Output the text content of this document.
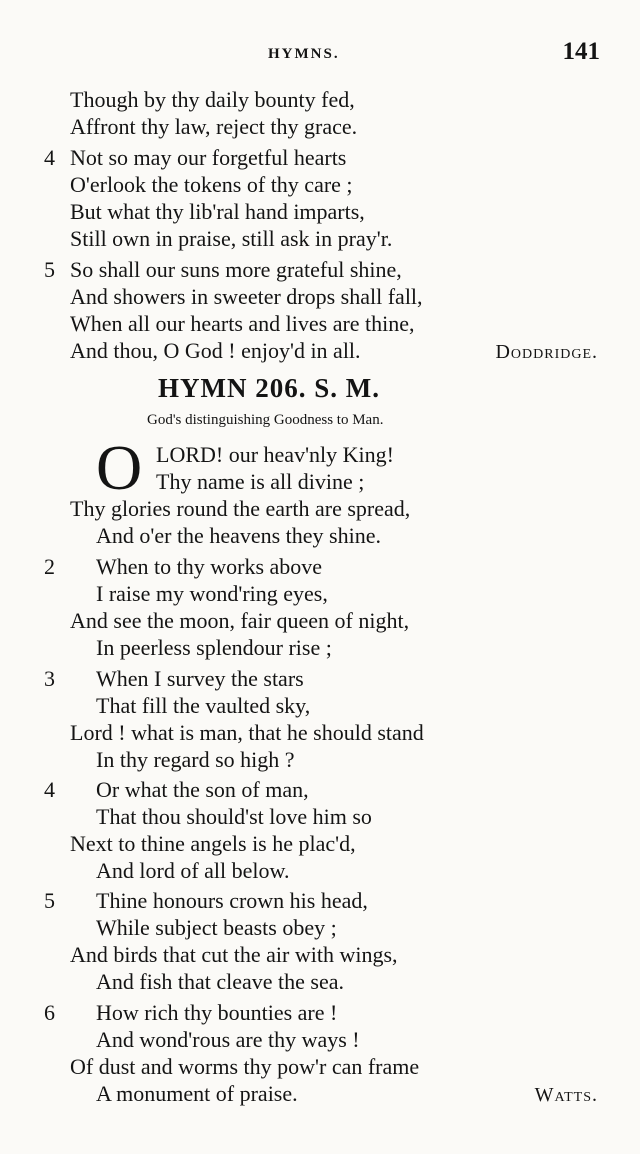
HYMNS.	141
Though by thy daily bounty fed,
Affront thy law, reject thy grace.
4 Not so may our forgetful hearts
O'erlook the tokens of thy care ;
But what thy lib'ral hand imparts,
Still own in praise, still ask in pray'r.
5 So shall our suns more grateful shine,
And showers in sweeter drops shall fall,
When all our hearts and lives are thine,
And thou, O God ! enjoy'd in all.	Doddridge.
HYMN 206. S. M.
God's distinguishing Goodness to Man.
O LORD! our heav'nly King!
Thy name is all divine ;
Thy glories round the earth are spread,
And o'er the heavens they shine.
2 When to thy works above
I raise my wond'ring eyes,
And see the moon, fair queen of night,
In peerless splendour rise ;
3 When I survey the stars
That fill the vaulted sky,
Lord ! what is man, that he should stand
In thy regard so high ?
4 Or what the son of man,
That thou should'st love him so
Next to thine angels is he plac'd,
And lord of all below.
5 Thine honours crown his head,
While subject beasts obey ;
And birds that cut the air with wings,
And fish that cleave the sea.
6 How rich thy bounties are !
And wond'rous are thy ways !
Of dust and worms thy pow'r can frame
A monument of praise.	Watts.
